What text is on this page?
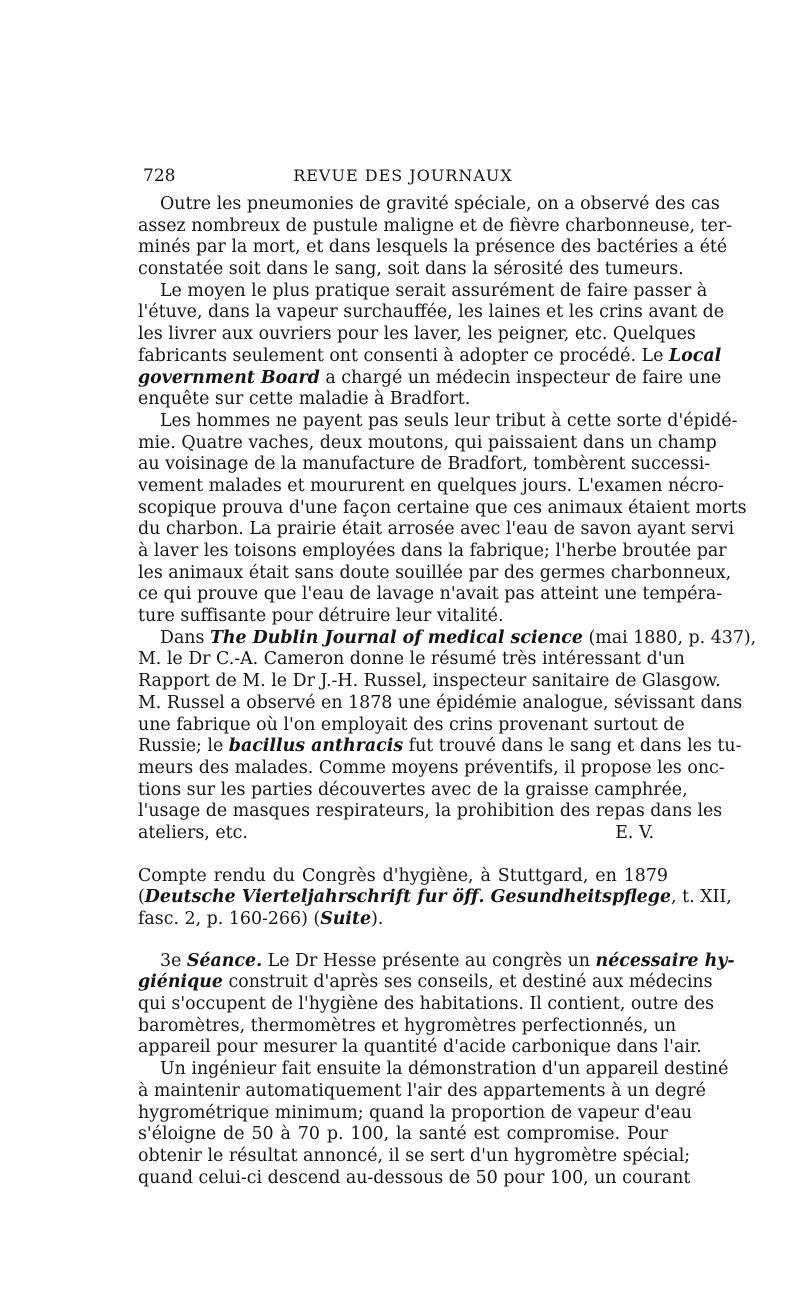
728	REVUE DES JOURNAUX
Outre les pneumonies de gravité spéciale, on a observé des cas
assez nombreux de pustule maligne et de fièvre charbonneuse, ter-
minés par la mort, et dans lesquels la présence des bactéries a été
constatée soit dans le sang, soit dans la sérosité des tumeurs.
Le moyen le plus pratique serait assurément de faire passer à
l'étuve, dans la vapeur surchauffée, les laines et les crins avant de
les livrer aux ouvriers pour les laver, les peigner, etc. Quelques
fabricants seulement ont consenti à adopter ce procédé. Le Local
government Board a chargé un médecin inspecteur de faire une
enquête sur cette maladie à Bradfort.
Les hommes ne payent pas seuls leur tribut à cette sorte d'épidé-
mie. Quatre vaches, deux moutons, qui paissaient dans un champ
au voisinage de la manufacture de Bradfort, tombèrent successi-
vement malades et moururent en quelques jours. L'examen nécro-
scopique prouva d'une façon certaine que ces animaux étaient morts
du charbon. La prairie était arrosée avec l'eau de savon ayant servi
à laver les toisons employées dans la fabrique; l'herbe broutée par
les animaux était sans doute souillée par des germes charbonneux,
ce qui prouve que l'eau de lavage n'avait pas atteint une tempéra-
ture suffisante pour détruire leur vitalité.
Dans The Dublin Journal of medical science (mai 1880, p. 437),
M. le Dr C.-A. Cameron donne le résumé très intéressant d'un
Rapport de M. le Dr J.-H. Russel, inspecteur sanitaire de Glasgow.
M. Russel a observé en 1878 une épidémie analogue, sévissant dans
une fabrique où l'on employait des crins provenant surtout de
Russie; le bacillus anthracis fut trouvé dans le sang et dans les tu-
meurs des malades. Comme moyens préventifs, il propose les onc-
tions sur les parties découvertes avec de la graisse camphrée,
l'usage de masques respirateurs, la prohibition des repas dans les
ateliers, etc.	E. V.
Compte rendu du Congrès d'hygiène, à Stuttgard, en 1879
(Deutsche Vierteljahrschrift fur öff. Gesundheitspflege, t. XII,
fasc. 2, p. 160-266) (Suite).
3e Séance. Le Dr Hesse présente au congrès un nécessaire hy-
giénique construit d'après ses conseils, et destiné aux médecins
qui s'occupent de l'hygiène des habitations. Il contient, outre des
baromètres, thermomètres et hygromètres perfectionnés, un
appareil pour mesurer la quantité d'acide carbonique dans l'air.
Un ingénieur fait ensuite la démonstration d'un appareil destiné
à maintenir automatiquement l'air des appartements à un degré
hygrométrique minimum; quand la proportion de vapeur d'eau
s'éloigne de 50 à 70 p. 100, la santé est compromise. Pour
obtenir le résultat annoncé, il se sert d'un hygromètre spécial;
quand celui-ci descend au-dessous de 50 pour 100, un courant
